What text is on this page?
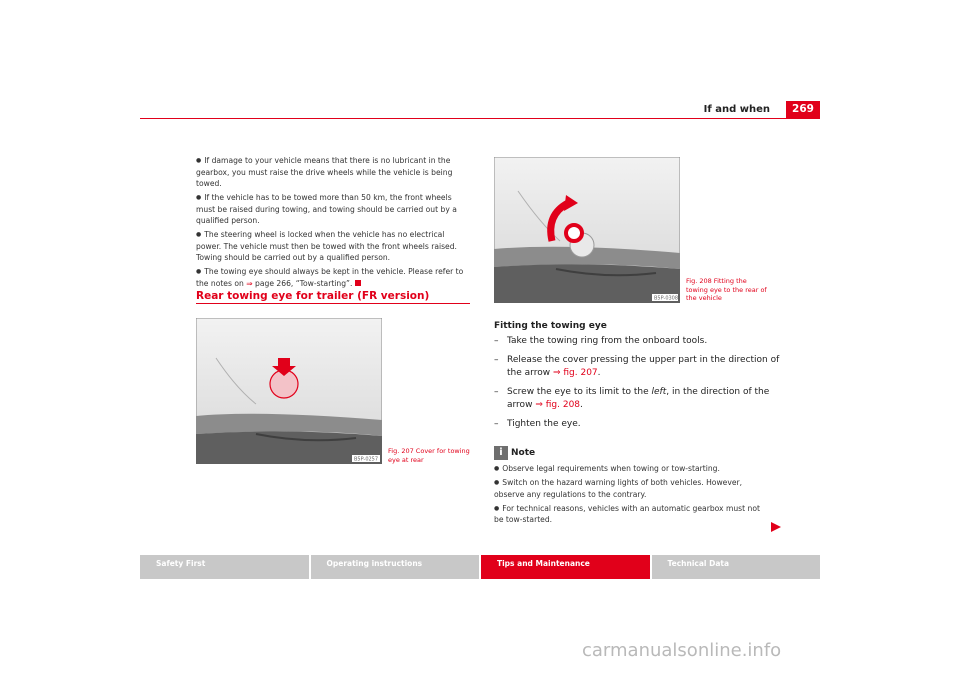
If and when	269

● If damage to your vehicle means that there is no lubricant in the gearbox, you must raise the drive wheels while the vehicle is being towed.

● If the vehicle has to be towed more than 50 km, the front wheels must be raised during towing, and towing should be carried out by a qualified person.

● The steering wheel is locked when the vehicle has no electrical power. The vehicle must then be towed with the front wheels raised. Towing should be carried out by a qualified person.

● The towing eye should always be kept in the vehicle. Please refer to the notes on ⇒ page 266, “Tow-starting”.

Rear towing eye for trailer (FR version)
B5P-0257
Fig. 207 Cover for towing eye at rear
B5P-0308
Fig. 208 Fitting the towing eye to the rear of the vehicle
Fitting the towing eye
– Take the towing ring from the onboard tools.
– Release the cover pressing the upper part in the direction of the arrow ⇒ fig. 207.
– Screw the eye to its limit to the left, in the direction of the arrow ⇒ fig. 208.
– Tighten the eye.
i Note

● Observe legal requirements when towing or tow-starting.

● Switch on the hazard warning lights of both vehicles. However, observe any regulations to the contrary.

● For technical reasons, vehicles with an automatic gearbox must not be tow-started.

Safety First	Operating instructions	Tips and Maintenance	Technical Data
carmanualsonline.info
